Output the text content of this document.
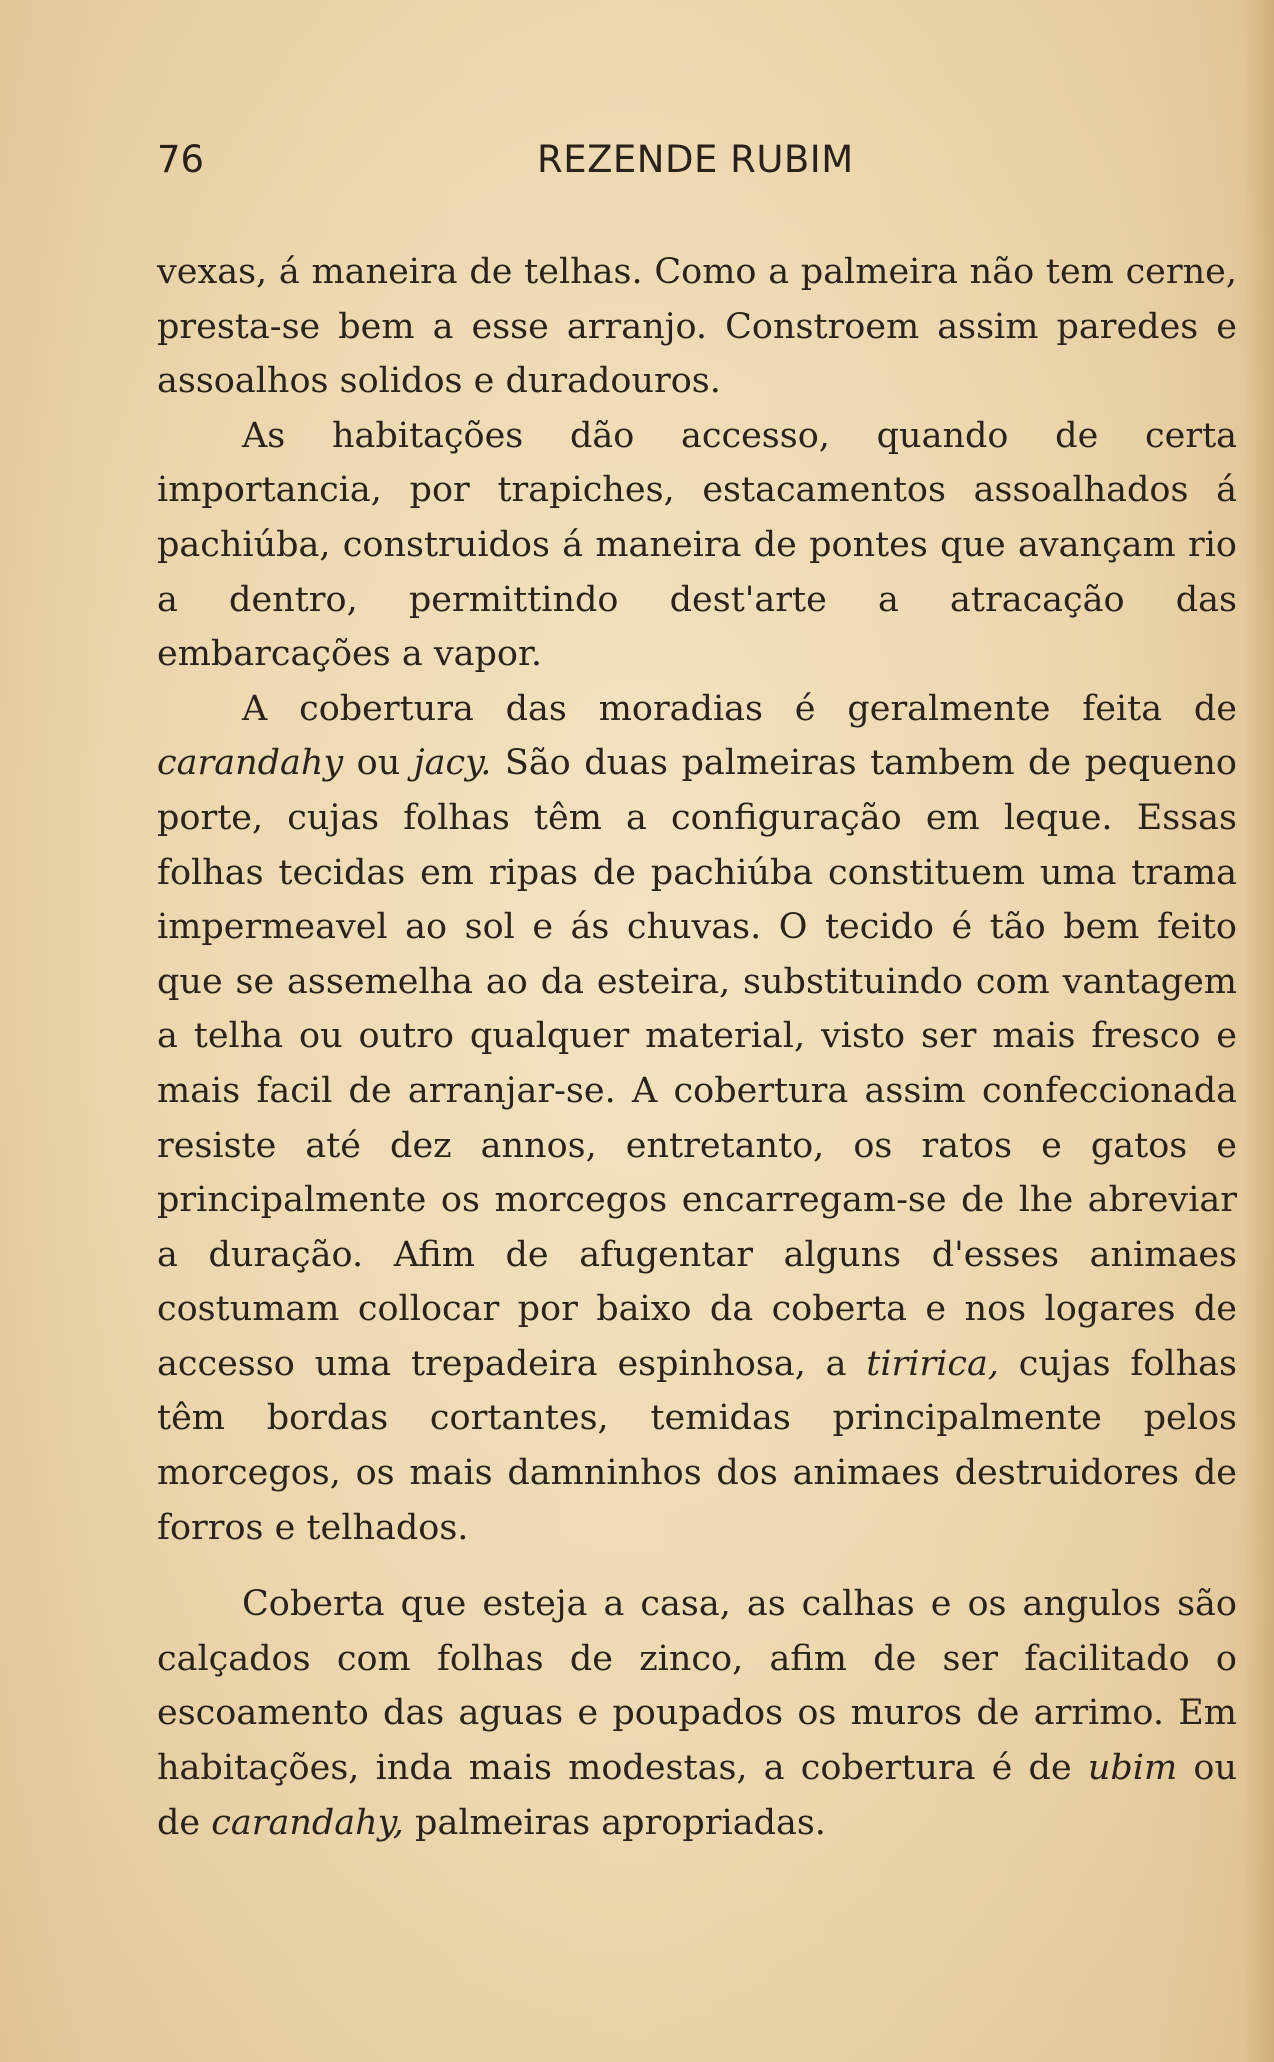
76	REZENDE RUBIM

vexas, á maneira de telhas. Como a palmeira não tem cerne, presta-se bem a esse arranjo. Constroem assim paredes e assoalhos solidos e duradouros.

As habitações dão accesso, quando de certa importancia, por trapiches, estacamentos assoalhados á pachiúba, construidos á maneira de pontes que avançam rio a dentro, permittindo dest'arte a atracação das embarcações a vapor.

A cobertura das moradias é geralmente feita de carandahy ou jacy. São duas palmeiras tambem de pequeno porte, cujas folhas têm a configuração em leque. Essas folhas tecidas em ripas de pachiúba constituem uma trama impermeavel ao sol e ás chuvas. O tecido é tão bem feito que se assemelha ao da esteira, substituindo com vantagem a telha ou outro qualquer material, visto ser mais fresco e mais facil de arranjar-se. A cobertura assim confeccionada resiste até dez annos, entretanto, os ratos e gatos e principalmente os morcegos encarregam-se de lhe abreviar a duração. Afim de afugentar alguns d'esses animaes costumam collocar por baixo da coberta e nos logares de accesso uma trepadeira espinhosa, a tiririca, cujas folhas têm bordas cortantes, temidas principalmente pelos morcegos, os mais damninhos dos animaes destruidores de forros e telhados.

Coberta que esteja a casa, as calhas e os angulos são calçados com folhas de zinco, afim de ser facilitado o escoamento das aguas e poupados os muros de arrimo. Em habitações, inda mais modestas, a cobertura é de ubim ou de carandahy, palmeiras apropriadas.
